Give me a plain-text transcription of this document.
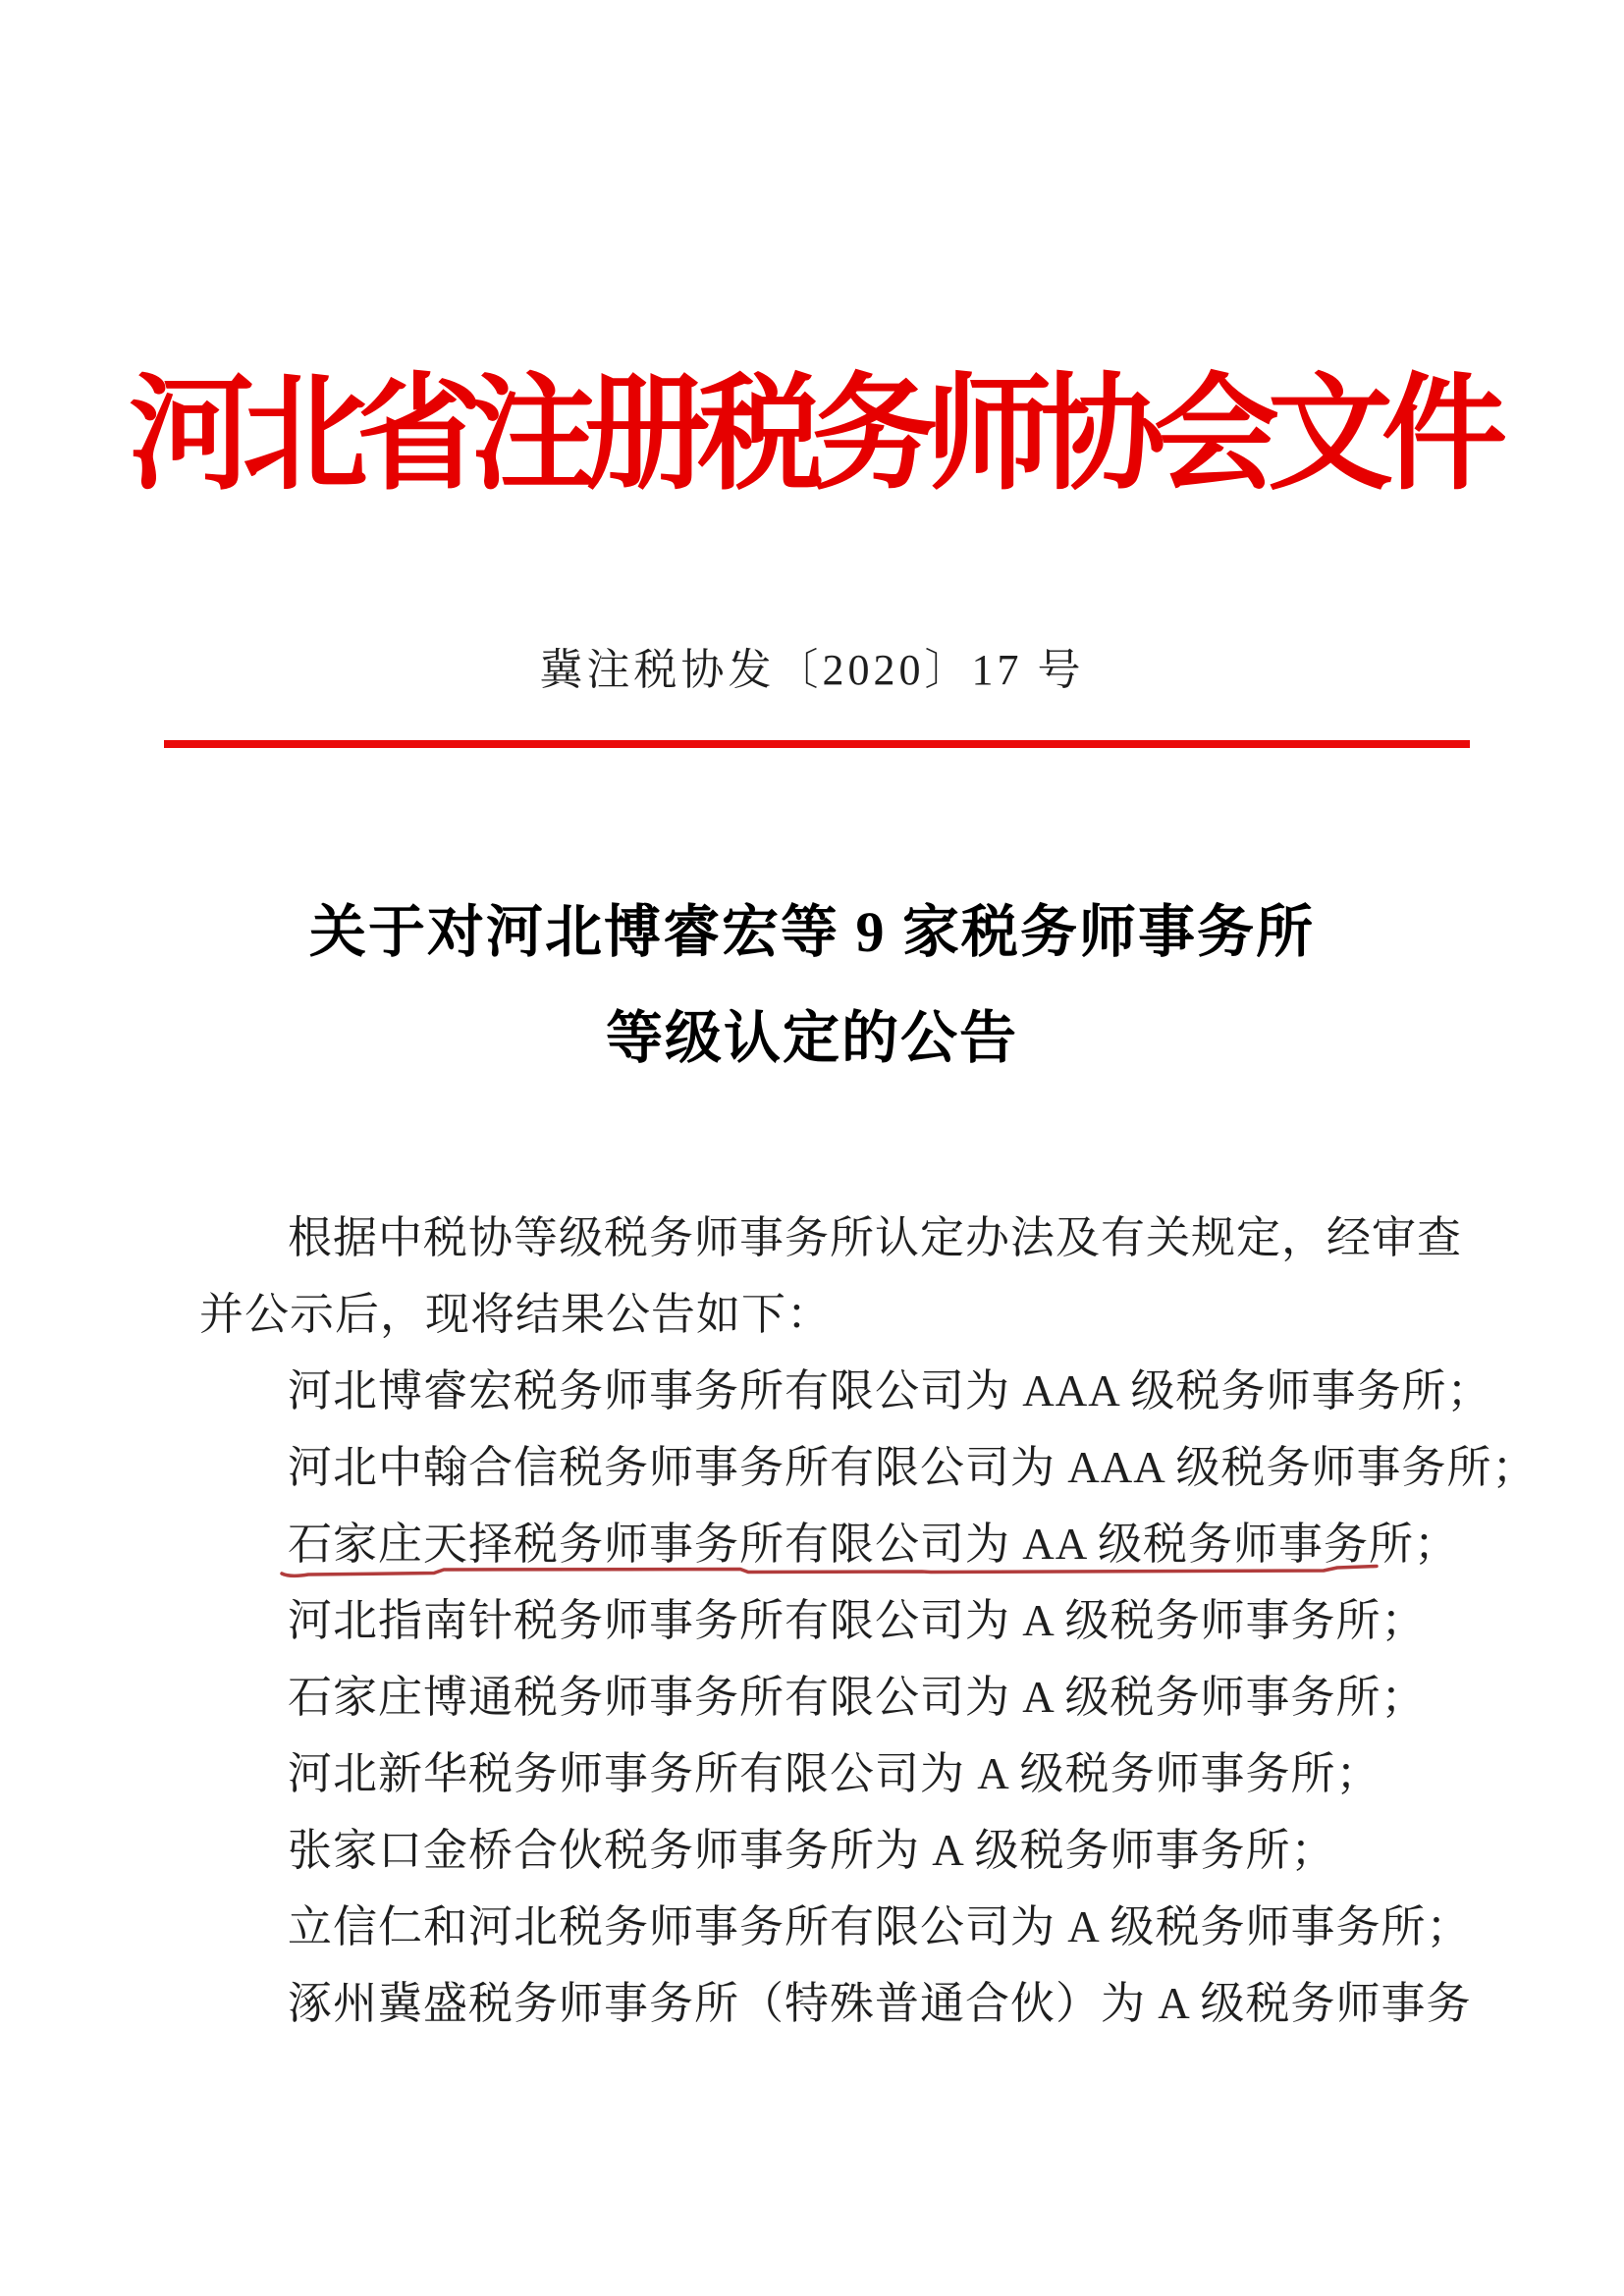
河北省注册税务师协会文件
冀注税协发〔2020〕17 号
关于对河北博睿宏等 9 家税务师事务所
等级认定的公告
根据中税协等级税务师事务所认定办法及有关规定，经审查
并公示后，现将结果公告如下：
河北博睿宏税务师事务所有限公司为 AAA 级税务师事务所；
河北中翰合信税务师事务所有限公司为 AAA 级税务师事务所；
石家庄天择税务师事务所有限公司为 AA 级税务师事务所；
河北指南针税务师事务所有限公司为 A 级税务师事务所；
石家庄博通税务师事务所有限公司为 A 级税务师事务所；
河北新华税务师事务所有限公司为 A 级税务师事务所；
张家口金桥合伙税务师事务所为 A 级税务师事务所；
立信仁和河北税务师事务所有限公司为 A 级税务师事务所；
涿州冀盛税务师事务所（特殊普通合伙）为 A 级税务师事务
